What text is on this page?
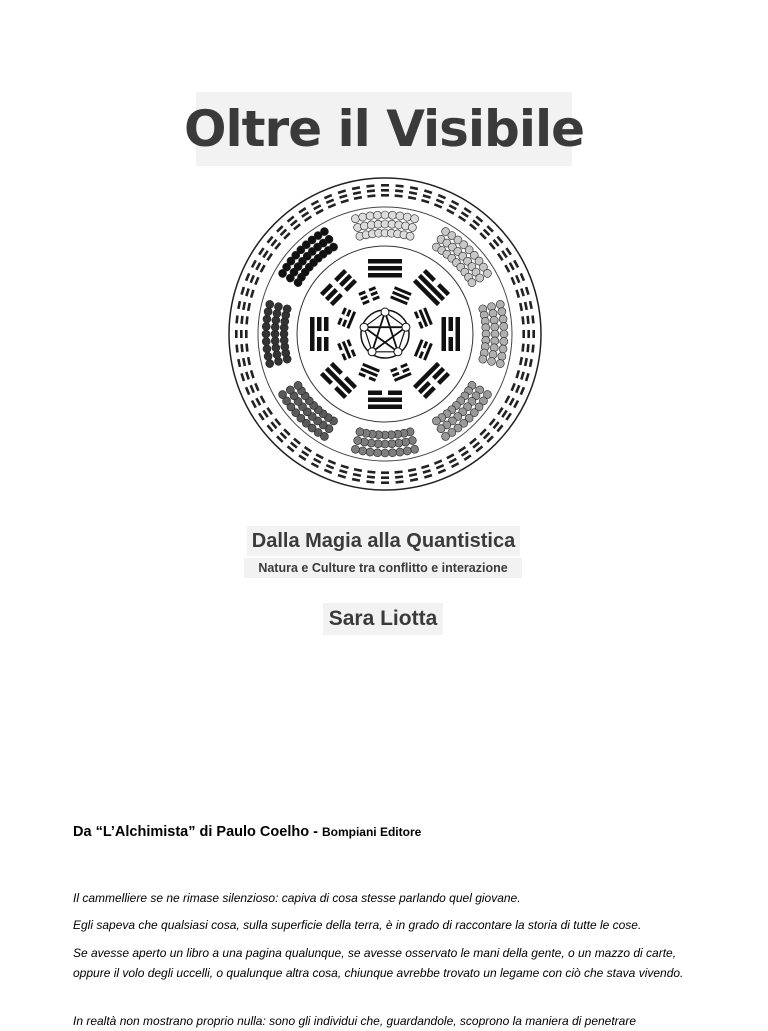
Oltre il Visibile
Dalla Magia alla Quantistica
Natura e Culture tra conflitto e interazione
Sara Liotta
Da “L’Alchimista” di Paulo Coelho - Bompiani Editore

Il cammelliere se ne rimase silenzioso: capiva di cosa stesse parlando quel giovane.

Egli sapeva che qualsiasi cosa, sulla superficie della terra, è in grado di raccontare la storia di tutte le cose.

Se avesse aperto un libro a una pagina qualunque, se avesse osservato le mani della gente, o un mazzo di carte, oppure il volo degli uccelli, o qualunque altra cosa, chiunque avrebbe trovato un legame con ciò che stava vivendo.

In realtà non mostrano proprio nulla: sono gli individui che, guardandole, scoprono la maniera di penetrare
